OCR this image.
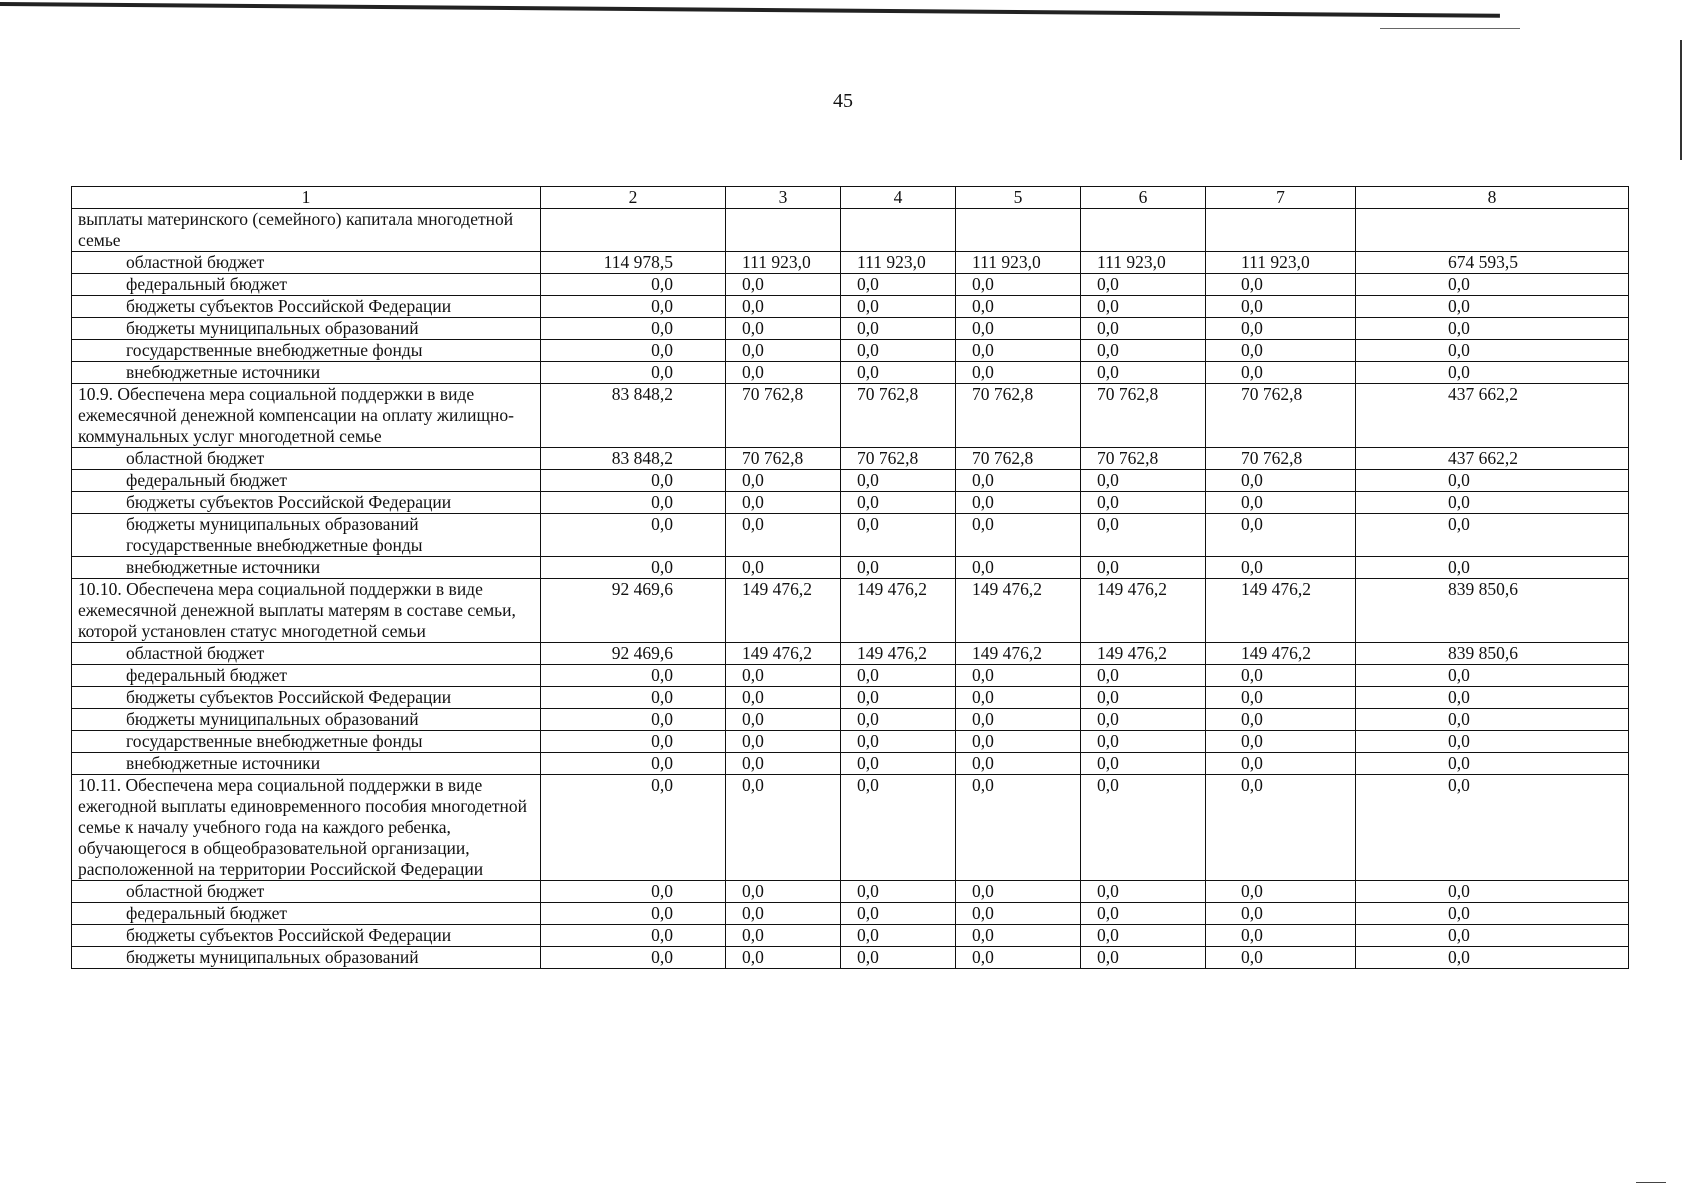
45
1	2	3	4	5	6	7	8
выплаты материнского (семейного) капитала многодетной семье							
областной бюджет	114 978,5	111 923,0	111 923,0	111 923,0	111 923,0	111 923,0	674 593,5
федеральный бюджет	0,0	0,0	0,0	0,0	0,0	0,0	0,0
бюджеты субъектов Российской Федерации	0,0	0,0	0,0	0,0	0,0	0,0	0,0
бюджеты муниципальных образований	0,0	0,0	0,0	0,0	0,0	0,0	0,0
государственные внебюджетные фонды	0,0	0,0	0,0	0,0	0,0	0,0	0,0
внебюджетные источники	0,0	0,0	0,0	0,0	0,0	0,0	0,0
10.9. Обеспечена мера социальной поддержки в виде ежемесячной денежной компенсации на оплату жилищно-коммунальных услуг многодетной семье	83 848,2	70 762,8	70 762,8	70 762,8	70 762,8	70 762,8	437 662,2
областной бюджет	83 848,2	70 762,8	70 762,8	70 762,8	70 762,8	70 762,8	437 662,2
федеральный бюджет	0,0	0,0	0,0	0,0	0,0	0,0	0,0
бюджеты субъектов Российской Федерации	0,0	0,0	0,0	0,0	0,0	0,0	0,0
бюджеты муниципальных образований государственные внебюджетные фонды	0,0	0,0	0,0	0,0	0,0	0,0	0,0
внебюджетные источники	0,0	0,0	0,0	0,0	0,0	0,0	0,0
10.10. Обеспечена мера социальной поддержки в виде ежемесячной денежной выплаты матерям в составе семьи, которой установлен статус многодетной семьи	92 469,6	149 476,2	149 476,2	149 476,2	149 476,2	149 476,2	839 850,6
областной бюджет	92 469,6	149 476,2	149 476,2	149 476,2	149 476,2	149 476,2	839 850,6
федеральный бюджет	0,0	0,0	0,0	0,0	0,0	0,0	0,0
бюджеты субъектов Российской Федерации	0,0	0,0	0,0	0,0	0,0	0,0	0,0
бюджеты муниципальных образований	0,0	0,0	0,0	0,0	0,0	0,0	0,0
государственные внебюджетные фонды	0,0	0,0	0,0	0,0	0,0	0,0	0,0
внебюджетные источники	0,0	0,0	0,0	0,0	0,0	0,0	0,0
10.11. Обеспечена мера социальной поддержки в виде ежегодной выплаты единовременного пособия многодетной семье к началу учебного года на каждого ребенка, обучающегося в общеобразовательной организации, расположенной на территории Российской Федерации	0,0	0,0	0,0	0,0	0,0	0,0	0,0
областной бюджет	0,0	0,0	0,0	0,0	0,0	0,0	0,0
федеральный бюджет	0,0	0,0	0,0	0,0	0,0	0,0	0,0
бюджеты субъектов Российской Федерации	0,0	0,0	0,0	0,0	0,0	0,0	0,0
бюджеты муниципальных образований	0,0	0,0	0,0	0,0	0,0	0,0	0,0
